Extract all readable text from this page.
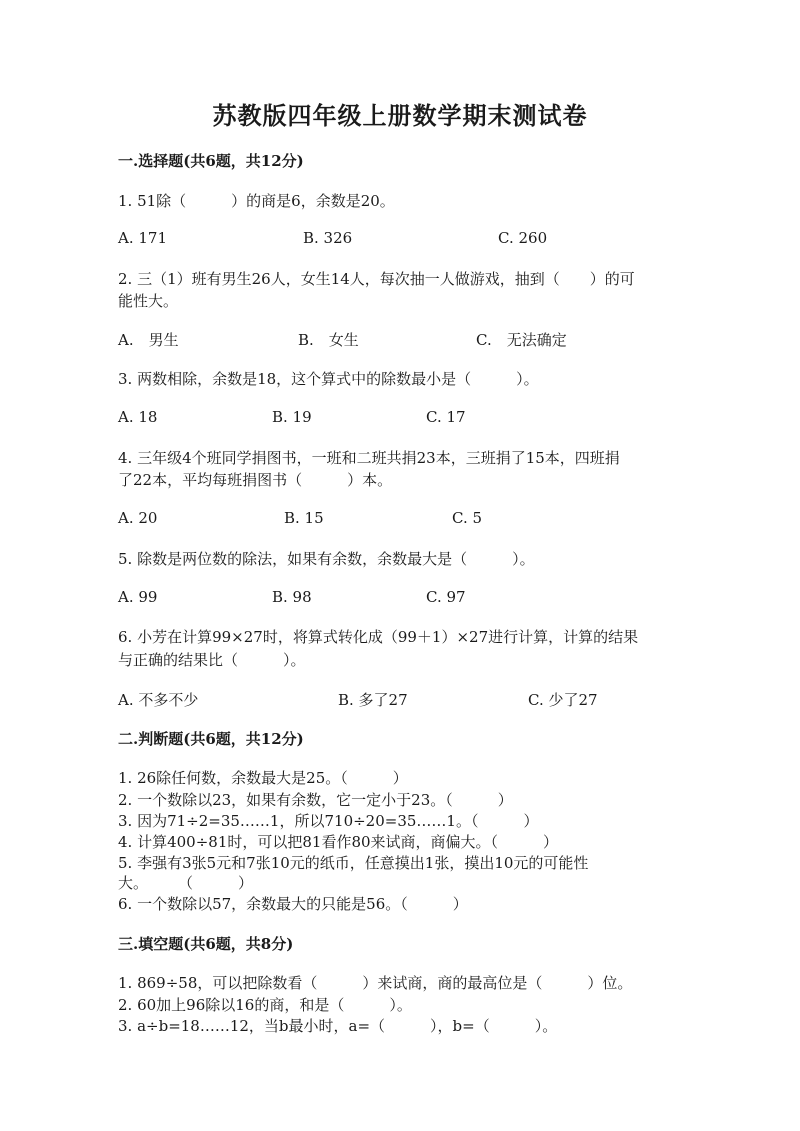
苏教版四年级上册数学期末测试卷
一.选择题(共6题，共12分)
1. 51除（　　　）的商是6，余数是20。
A. 171	B. 326	C. 260
2. 三（1）班有男生26人，女生14人，每次抽一人做游戏，抽到（　　）的可
能性大。
A.　男生	B.　女生	C.　无法确定
3. 两数相除，余数是18，这个算式中的除数最小是（　　　）。
A. 18	B. 19	C. 17
4. 三年级4个班同学捐图书，一班和二班共捐23本，三班捐了15本，四班捐
了22本，平均每班捐图书（　　　）本。
A. 20	B. 15	C. 5
5. 除数是两位数的除法，如果有余数，余数最大是（　　　）。
A. 99	B. 98	C. 97
6. 小芳在计算99×27时，将算式转化成（99＋1）×27进行计算，计算的结果
与正确的结果比（　　　）。
A. 不多不少	B. 多了27	C. 少了27
二.判断题(共6题，共12分)
1. 26除任何数，余数最大是25。（　　　）
2. 一个数除以23，如果有余数，它一定小于23。（　　　）
3. 因为71÷2=35……1，所以710÷20=35……1。（　　　）
4. 计算400÷81时，可以把81看作80来试商，商偏大。（　　　）
5. 李强有3张5元和7张10元的纸币，任意摸出1张，摸出10元的可能性
大。　　　（　　　）
6. 一个数除以57，余数最大的只能是56。（　　　）
三.填空题(共6题，共8分)
1. 869÷58，可以把除数看（　　　）来试商，商的最高位是（　　　）位。
2. 60加上96除以16的商，和是（　　　）。
3. a÷b=18……12，当b最小时，a=（　　　），b=（　　　）。
